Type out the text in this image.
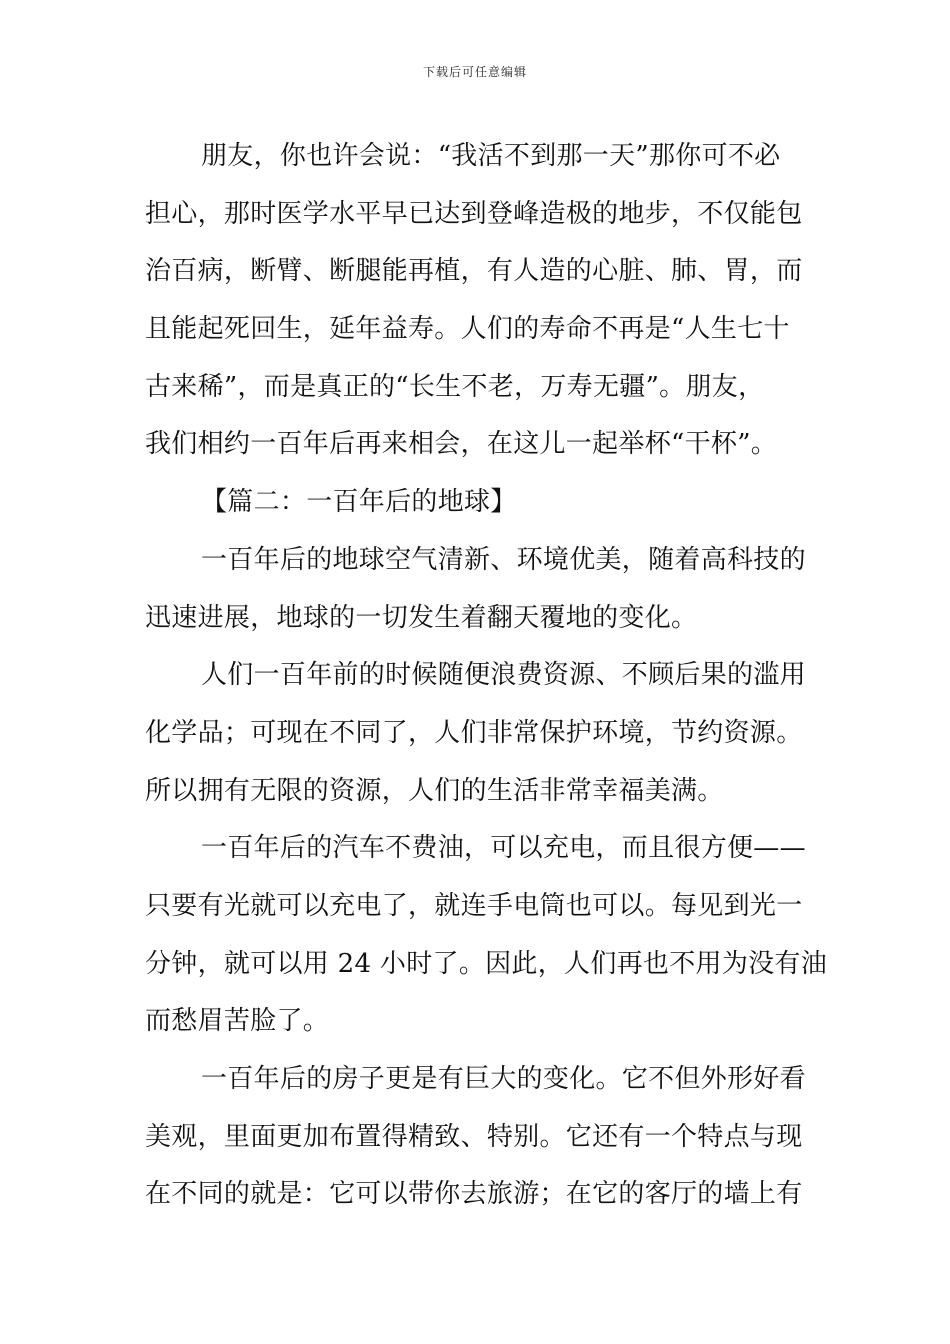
下载后可任意编辑
朋友，你也许会说：“我活不到那一天”那你可不必
担心，那时医学水平早已达到登峰造极的地步，不仅能包
治百病，断臂、断腿能再植，有人造的心脏、肺、胃，而
且能起死回生，延年益寿。人们的寿命不再是“人生七十
古来稀”，而是真正的“长生不老，万寿无疆”。朋友，
我们相约一百年后再来相会，在这儿一起举杯“干杯”。
【篇二：一百年后的地球】
一百年后的地球空气清新、环境优美，随着高科技的
迅速进展，地球的一切发生着翻天覆地的变化。
人们一百年前的时候随便浪费资源、不顾后果的滥用
化学品；可现在不同了，人们非常保护环境，节约资源。
所以拥有无限的资源，人们的生活非常幸福美满。
一百年后的汽车不费油，可以充电，而且很方便——
只要有光就可以充电了，就连手电筒也可以。每见到光一
分钟，就可以用 24 小时了。因此，人们再也不用为没有油
而愁眉苦脸了。
一百年后的房子更是有巨大的变化。它不但外形好看
美观，里面更加布置得精致、特别。它还有一个特点与现
在不同的就是：它可以带你去旅游；在它的客厅的墙上有
